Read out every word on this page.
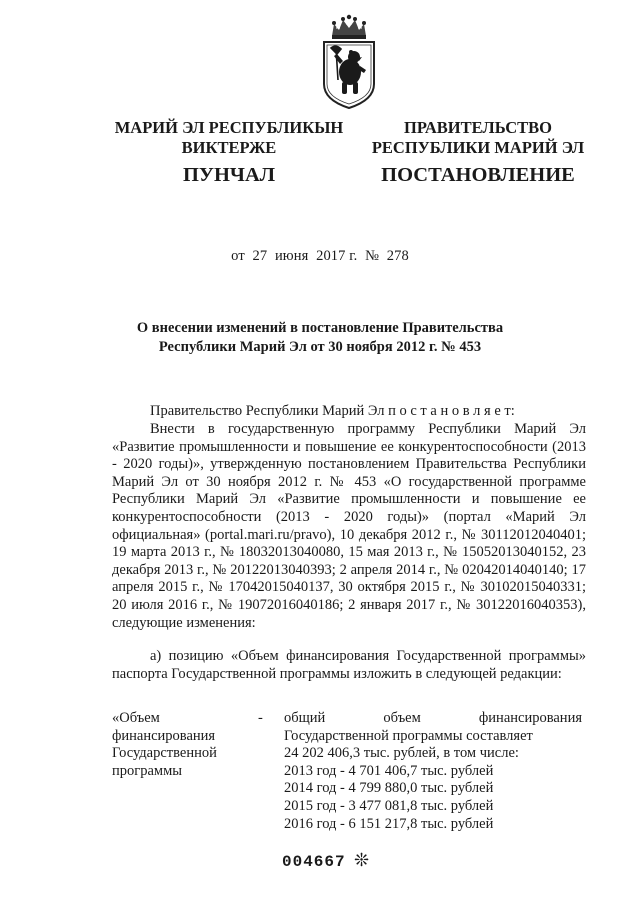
МАРИЙ ЭЛ РЕСПУБЛИКЫН
ВИКТЕРЖЕ
ПРАВИТЕЛЬСТВО
РЕСПУБЛИКИ МАРИЙ ЭЛ
ПУНЧАЛ	ПОСТАНОВЛЕНИЕ
от 27 июня 2017 г. № 278
О внесении изменений в постановление Правительства
Республики Марий Эл от 30 ноября 2012 г. № 453
Правительство Республики Марий Эл п о с т а н о в л я е т:
Внести в государственную программу Республики Марий Эл «Развитие промышленности и повышение ее конкурентоспособности (2013 - 2020 годы)», утвержденную постановлением Правительства Республики Марий Эл от 30 ноября 2012 г. № 453 «О государственной программе Республики Марий Эл «Развитие промышленности и повышение ее конкурентоспособности (2013 - 2020 годы)» (портал «Марий Эл официальная» (portal.mari.ru/pravo), 10 декабря 2012 г., № 30112012040401; 19 марта 2013 г., № 18032013040080, 15 мая 2013 г., № 15052013040152, 23 декабря 2013 г., № 20122013040393; 2 апреля 2014 г., № 02042014040140; 17 апреля 2015 г., № 17042015040137, 30 октября 2015 г., № 30102015040331; 20 июля 2016 г., № 19072016040186; 2 января 2017 г., № 30122016040353), следующие изменения:
а) позицию «Объем финансирования Государственной программы» паспорта Государственной программы изложить в следующей редакции:
«Объем
финансирования
Государственной
программы
- общий объем финансирования
Государственной программы составляет
24 202 406,3 тыс. рублей, в том числе:
2013 год - 4 701 406,7 тыс. рублей
2014 год - 4 799 880,0 тыс. рублей
2015 год - 3 477 081,8 тыс. рублей
2016 год - 6 151 217,8 тыс. рублей
004667 ❊
